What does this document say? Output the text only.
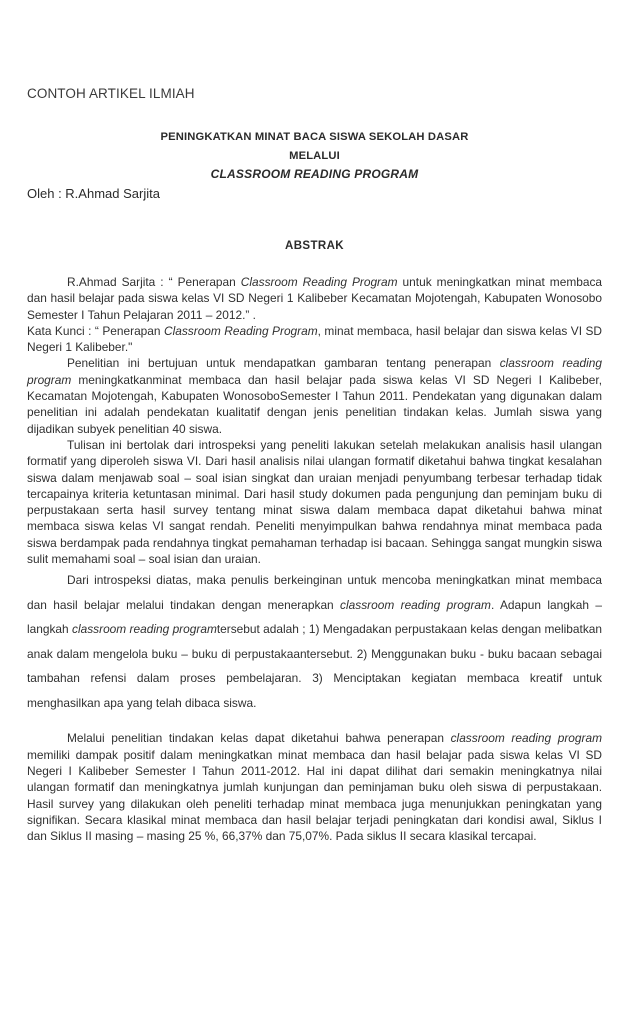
CONTOH ARTIKEL ILMIAH
PENINGKATKAN MINAT BACA SISWA SEKOLAH DASAR
MELALUI
CLASSROOM READING PROGRAM
Oleh : R.Ahmad Sarjita
ABSTRAK

R.Ahmad Sarjita : “ Penerapan Classroom Reading Program untuk meningkatkan minat membaca dan hasil belajar pada siswa kelas VI SD Negeri 1 Kalibeber Kecamatan Mojotengah, Kabupaten Wonosobo Semester I Tahun Pelajaran 2011 – 2012.” .

Kata Kunci : “ Penerapan Classroom Reading Program, minat membaca, hasil belajar dan siswa kelas VI SD Negeri 1 Kalibeber."

Penelitian ini bertujuan untuk mendapatkan gambaran tentang penerapan classroom reading program meningkatkanminat membaca dan hasil belajar pada siswa kelas VI SD Negeri I Kalibeber, Kecamatan Mojotengah, Kabupaten WonosoboSemester I Tahun 2011. Pendekatan yang digunakan dalam penelitian ini adalah pendekatan kualitatif dengan jenis penelitian tindakan kelas. Jumlah siswa yang dijadikan subyek penelitian 40 siswa.

Tulisan ini bertolak dari introspeksi yang peneliti lakukan setelah melakukan analisis hasil ulangan formatif yang diperoleh siswa VI. Dari hasil analisis nilai ulangan formatif diketahui bahwa tingkat kesalahan siswa dalam menjawab soal – soal isian singkat dan uraian menjadi penyumbang terbesar terhadap tidak tercapainya kriteria ketuntasan minimal. Dari hasil study dokumen pada pengunjung dan peminjam buku di perpustakaan serta hasil survey tentang minat siswa dalam membaca dapat diketahui bahwa minat membaca siswa kelas VI sangat rendah. Peneliti menyimpulkan bahwa rendahnya minat membaca pada siswa berdampak pada rendahnya tingkat pemahaman terhadap isi bacaan. Sehingga sangat mungkin siswa sulit memahami soal – soal isian dan uraian.

Dari introspeksi diatas, maka penulis berkeinginan untuk mencoba meningkatkan minat membaca dan hasil belajar melalui tindakan dengan menerapkan classroom reading program. Adapun langkah – langkah classroom reading programtersebut adalah ; 1) Mengadakan perpustakaan kelas dengan melibatkan anak dalam mengelola buku – buku di perpustakaantersebut. 2) Menggunakan buku - buku bacaan sebagai tambahan refensi dalam proses pembelajaran. 3) Menciptakan kegiatan membaca kreatif untuk menghasilkan apa yang telah dibaca siswa.

Melalui penelitian tindakan kelas dapat diketahui bahwa penerapan classroom reading program memiliki dampak positif dalam meningkatkan minat membaca dan hasil belajar pada siswa kelas VI SD Negeri I Kalibeber Semester I Tahun 2011-2012. Hal ini dapat dilihat dari semakin meningkatnya nilai ulangan formatif dan meningkatnya jumlah kunjungan dan peminjaman buku oleh siswa di perpustakaan. Hasil survey yang dilakukan oleh peneliti terhadap minat membaca juga menunjukkan peningkatan yang signifikan. Secara klasikal minat membaca dan hasil belajar terjadi peningkatan dari kondisi awal, Siklus I dan Siklus II masing – masing 25 %, 66,37% dan 75,07%. Pada siklus II secara klasikal tercapai.
